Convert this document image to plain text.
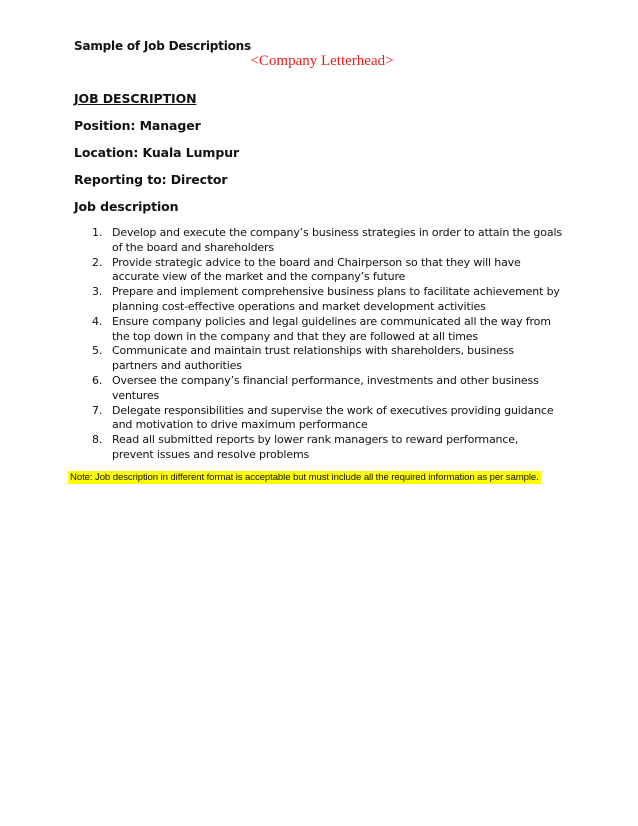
Sample of Job Descriptions
<Company Letterhead>
JOB DESCRIPTION
Position: Manager
Location: Kuala Lumpur
Reporting to: Director
Job description
1. Develop and execute the company’s business strategies in order to attain the goals of the board and shareholders
2. Provide strategic advice to the board and Chairperson so that they will have accurate view of the market and the company’s future
3. Prepare and implement comprehensive business plans to facilitate achievement by planning cost-effective operations and market development activities
4. Ensure company policies and legal guidelines are communicated all the way from the top down in the company and that they are followed at all times
5. Communicate and maintain trust relationships with shareholders, business partners and authorities
6. Oversee the company’s financial performance, investments and other business ventures
7. Delegate responsibilities and supervise the work of executives providing guidance and motivation to drive maximum performance
8. Read all submitted reports by lower rank managers to reward performance, prevent issues and resolve problems
Note: Job description in different format is acceptable but must include all the required information as per sample.
